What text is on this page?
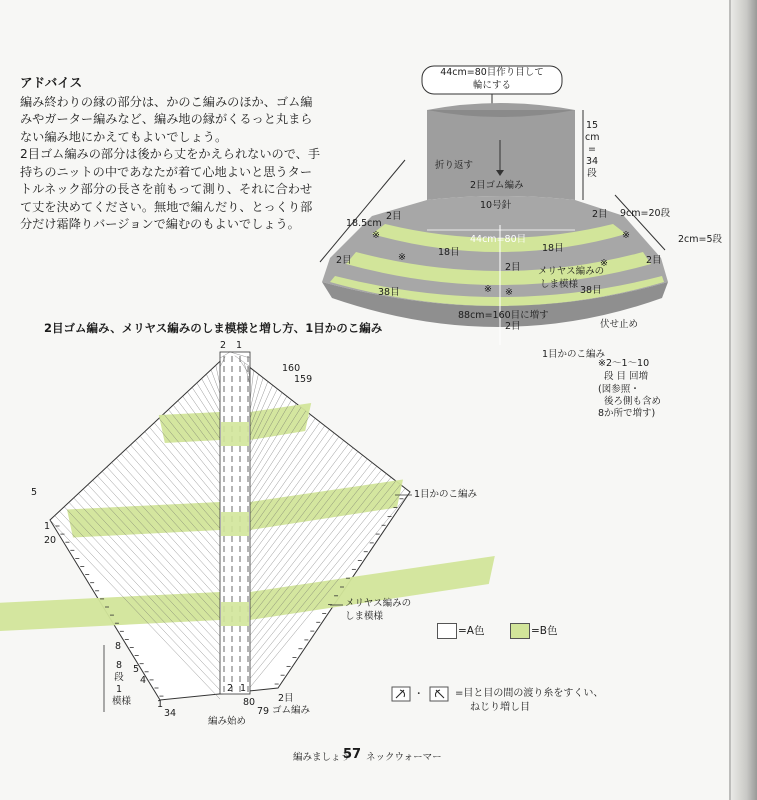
アドバイス

編み終わりの縁の部分は、かのこ編みのほか、ゴム編みやガーター編みなど、編み地の縁がくるっと丸まらない編み地にかえてもよいでしょう。

2目ゴム編みの部分は後から丈をかえられないので、手持ちのニットの中であなたが着て心地よいと思うタートルネック部分の長さを前もって測り、それに合わせて丈を決めてください。無地で編んだり、とっくり部分だけ霜降りバージョンで編むのもよいでしょう。

44cm=80目作り目して
輪にする
折り返す
2目ゴム編み
10号針
15
cm
=
34
段
44cm=80目
18.5cm
9cm=20段
2cm=5段
2目	2目
2目	2目
2目
2目
18目	18目
38目	38目
メリヤス編みの
しま模様
88cm=160目に増す
伏せ止め
1目かのこ編み
※	※
※
※
※ ※
※2～1～10
段 目 回増
(図参照・
後ろ側も含め
8か所で増す)
2目ゴム編み、メリヤス編みのしま模様と増し方、1目かのこ編み
2 1
160
159
1目かのこ編み
メリヤス編みの
しま模様
5
1
20
8
5
4
1
34
8
段
1
模様
2 1
80
79
2目
ゴム編み
編み始め
=A色	=B色
・	=目と目の間の渡り糸をすくい、
ねじり増し目
編みましょう
57 ネックウォーマー
